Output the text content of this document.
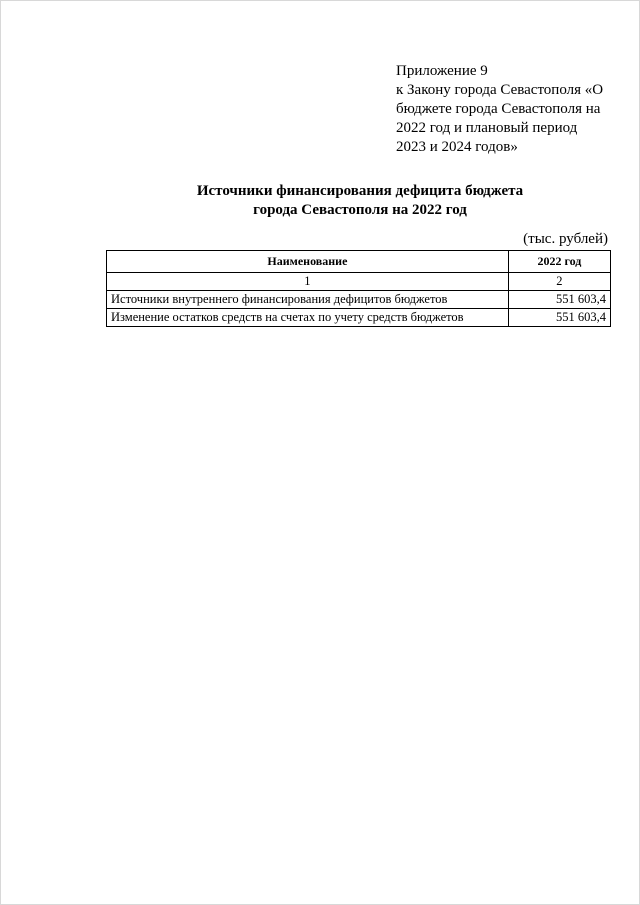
Приложение 9
к Закону города Севастополя «О
бюджете города Севастополя на
2022 год и плановый период
2023 и 2024 годов»
Источники финансирования дефицита бюджета
города Севастополя на 2022 год
(тыс. рублей)
Наименование	2022 год
1	2
Источники внутреннего финансирования дефицитов бюджетов	551 603,4
Изменение остатков средств на счетах по учету средств бюджетов	551 603,4
